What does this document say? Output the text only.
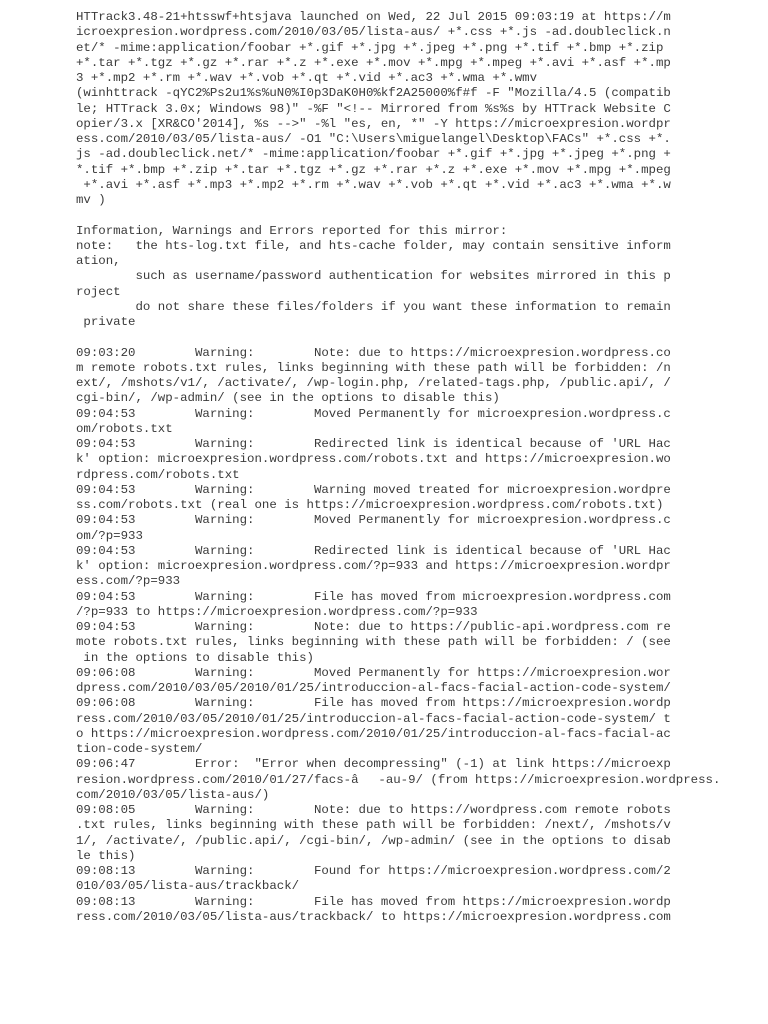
HTTrack3.48-21+htsswf+htsjava launched on Wed, 22 Jul 2015 09:03:19 at https://m
icroexpresion.wordpress.com/2010/03/05/lista-aus/ +*.css +*.js -ad.doubleclick.n
et/* -mime:application/foobar +*.gif +*.jpg +*.jpeg +*.png +*.tif +*.bmp +*.zip
+*.tar +*.tgz +*.gz +*.rar +*.z +*.exe +*.mov +*.mpg +*.mpeg +*.avi +*.asf +*.mp
3 +*.mp2 +*.rm +*.wav +*.vob +*.qt +*.vid +*.ac3 +*.wma +*.wmv
(winhttrack -qYC2%Ps2u1%s%uN0%I0p3DaK0H0%kf2A25000%f#f -F "Mozilla/4.5 (compatib
le; HTTrack 3.0x; Windows 98)" -%F "<!-- Mirrored from %s%s by HTTrack Website C
opier/3.x [XR&CO'2014], %s -->" -%l "es, en, *" -Y https://microexpresion.wordpr
ess.com/2010/03/05/lista-aus/ -O1 "C:\Users\miguelangel\Desktop\FACs" +*.css +*.
js -ad.doubleclick.net/* -mime:application/foobar +*.gif +*.jpg +*.jpeg +*.png +
*.tif +*.bmp +*.zip +*.tar +*.tgz +*.gz +*.rar +*.z +*.exe +*.mov +*.mpg +*.mpeg
+*.avi +*.asf +*.mp3 +*.mp2 +*.rm +*.wav +*.vob +*.qt +*.vid +*.ac3 +*.wma +*.w
mv )
Information, Warnings and Errors reported for this mirror:
note:   the hts-log.txt file, and hts-cache folder, may contain sensitive inform
ation,
such as username/password authentication for websites mirrored in this p
roject
do not share these files/folders if you want these information to remain
private
09:03:20        Warning:        Note: due to https://microexpresion.wordpress.co
m remote robots.txt rules, links beginning with these path will be forbidden: /n
ext/, /mshots/v1/, /activate/, /wp-login.php, /related-tags.php, /public.api/, /
cgi-bin/, /wp-admin/ (see in the options to disable this)
09:04:53        Warning:        Moved Permanently for microexpresion.wordpress.c
om/robots.txt
09:04:53        Warning:        Redirected link is identical because of 'URL Hac
k' option: microexpresion.wordpress.com/robots.txt and https://microexpresion.wo
rdpress.com/robots.txt
09:04:53        Warning:        Warning moved treated for microexpresion.wordpre
ss.com/robots.txt (real one is https://microexpresion.wordpress.com/robots.txt)
09:04:53        Warning:        Moved Permanently for microexpresion.wordpress.c
om/?p=933
09:04:53        Warning:        Redirected link is identical because of 'URL Hac
k' option: microexpresion.wordpress.com/?p=933 and https://microexpresion.wordpr
ess.com/?p=933
09:04:53        Warning:        File has moved from microexpresion.wordpress.com
/?p=933 to https://microexpresion.wordpress.com/?p=933
09:04:53        Warning:        Note: due to https://public-api.wordpress.com re
mote robots.txt rules, links beginning with these path will be forbidden: / (see
in the options to disable this)
09:06:08        Warning:        Moved Permanently for https://microexpresion.wor
dpress.com/2010/03/05/2010/01/25/introduccion-al-facs-facial-action-code-system/
09:06:08        Warning:        File has moved from https://microexpresion.wordp
ress.com/2010/03/05/2010/01/25/introduccion-al-facs-facial-action-code-system/ t
o https://microexpresion.wordpress.com/2010/01/25/introduccion-al-facs-facial-ac
tion-code-system/
09:06:47        Error:  "Error when decompressing" (-1) at link https://microexp
resion.wordpress.com/2010/01/27/facs-â-au-9/ (from https://microexpresion.wordpress.
com/2010/03/05/lista-aus/)
09:08:05        Warning:        Note: due to https://wordpress.com remote robots
.txt rules, links beginning with these path will be forbidden: /next/, /mshots/v
1/, /activate/, /public.api/, /cgi-bin/, /wp-admin/ (see in the options to disab
le this)
09:08:13        Warning:        Found for https://microexpresion.wordpress.com/2
010/03/05/lista-aus/trackback/
09:08:13        Warning:        File has moved from https://microexpresion.wordp
ress.com/2010/03/05/lista-aus/trackback/ to https://microexpresion.wordpress.com
